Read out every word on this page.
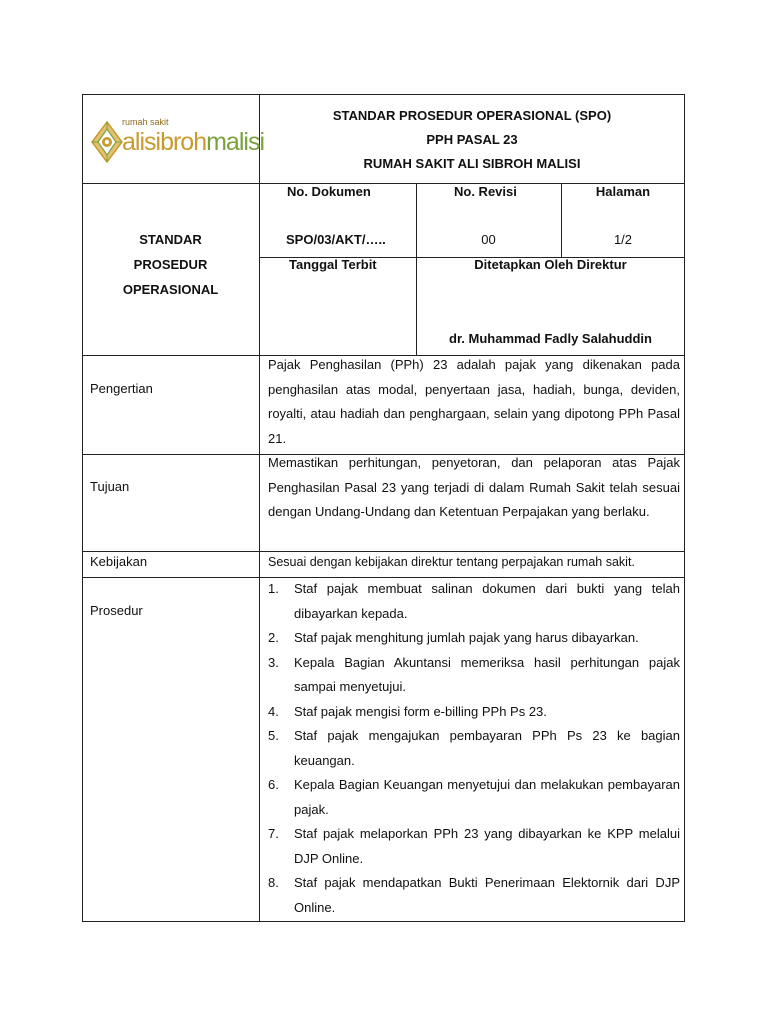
rumah sakit
alisibrohmalisi
STANDAR PROSEDUR OPERASIONAL (SPO)
PPH PASAL 23
RUMAH SAKIT ALI SIBROH MALISI
STANDAR
PROSEDUR
OPERASIONAL
No. Dokumen
SPO/03/AKT/…..
No. Revisi
00
Halaman
1/2
Tanggal Terbit	Ditetapkan Oleh Direktur
dr. Muhammad Fadly Salahuddin
Pengertian
Tujuan
Kebijakan
Prosedur
Pajak Penghasilan (PPh) 23 adalah pajak yang dikenakan pada penghasilan atas modal, penyertaan jasa, hadiah, bunga, deviden, royalti, atau hadiah dan penghargaan, selain yang dipotong PPh Pasal 21.
Memastikan perhitungan, penyetoran, dan pelaporan atas Pajak Penghasilan Pasal 23 yang terjadi di dalam Rumah Sakit telah sesuai dengan Undang-Undang dan Ketentuan Perpajakan yang berlaku.
Sesuai dengan kebijakan direktur tentang perpajakan rumah sakit.
1. Staf pajak membuat salinan dokumen dari bukti yang telah dibayarkan kepada.
2. Staf pajak menghitung jumlah pajak yang harus dibayarkan.
3. Kepala Bagian Akuntansi memeriksa hasil perhitungan pajak sampai menyetujui.
4. Staf pajak mengisi form e-billing PPh Ps 23.
5. Staf pajak mengajukan pembayaran PPh Ps 23 ke bagian keuangan.
6. Kepala Bagian Keuangan menyetujui dan melakukan pembayaran pajak.
7. Staf pajak melaporkan PPh 23 yang dibayarkan ke KPP melalui DJP Online.
8. Staf pajak mendapatkan Bukti Penerimaan Elektornik dari DJP Online.
